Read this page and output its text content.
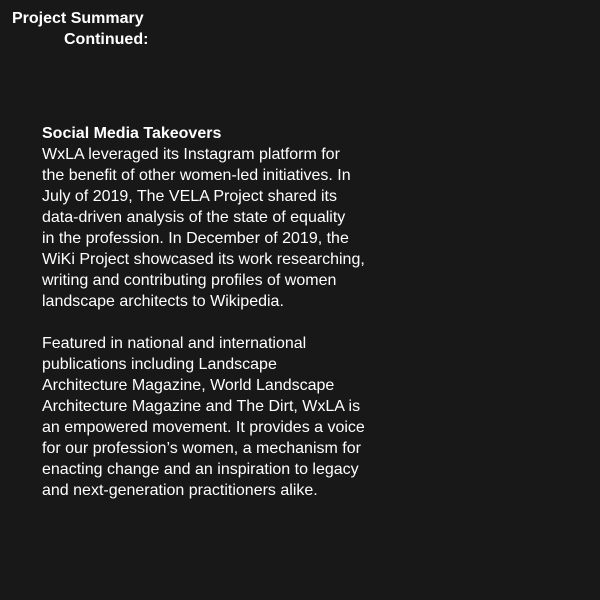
Project Summary
Continued:
Social Media Takeovers
WxLA leveraged its Instagram platform for
the benefit of other women-led initiatives. In
July of 2019, The VELA Project shared its
data-driven analysis of the state of equality
in the profession. In December of 2019, the
WiKi Project showcased its work researching,
writing and contributing profiles of women
landscape architects to Wikipedia.
Featured in national and international
publications including Landscape
Architecture Magazine, World Landscape
Architecture Magazine and The Dirt, WxLA is
an empowered movement. It provides a voice
for our profession’s women, a mechanism for
enacting change and an inspiration to legacy
and next-generation practitioners alike.
